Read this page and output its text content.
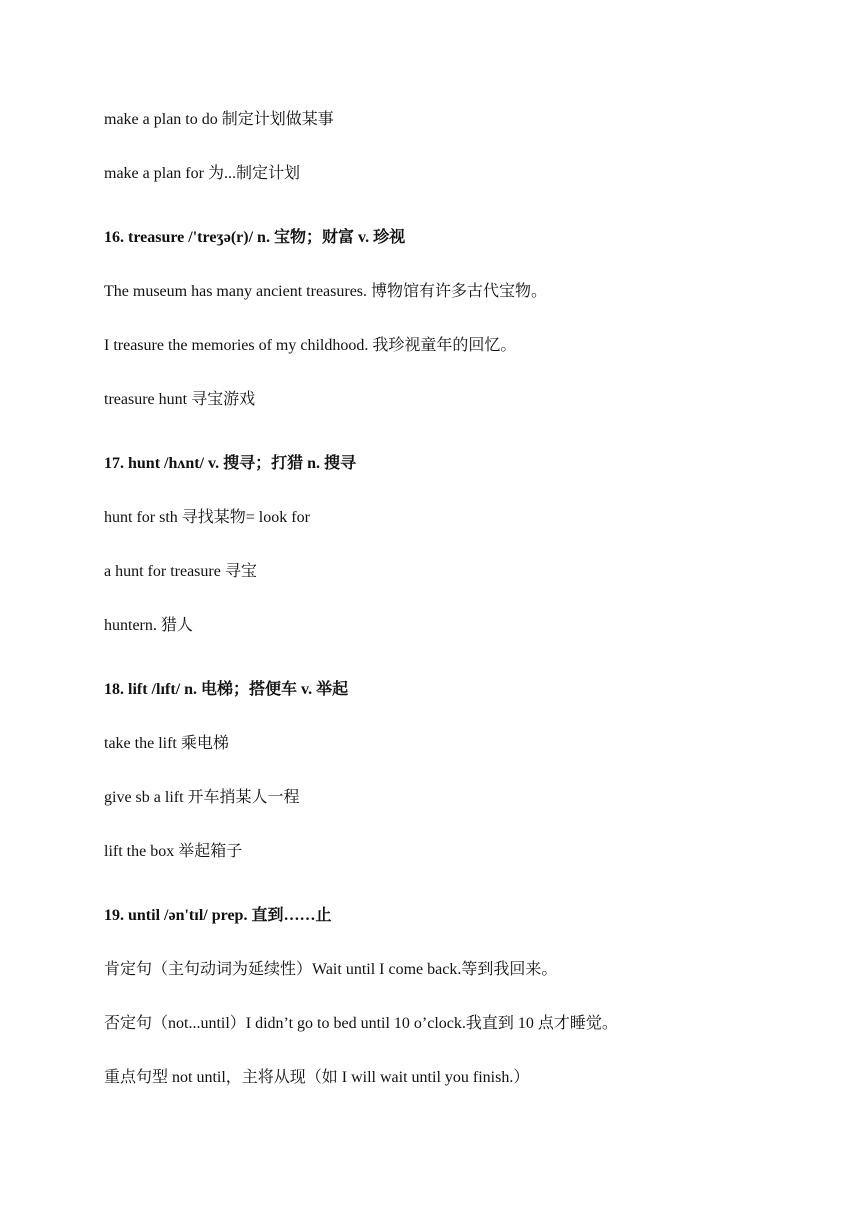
make a plan to do 制定计划做某事
make a plan for 为...制定计划
16. treasure /'treʒə(r)/ n. 宝物；财富 v. 珍视
The museum has many ancient treasures. 博物馆有许多古代宝物。
I treasure the memories of my childhood. 我珍视童年的回忆。
treasure hunt 寻宝游戏
17. hunt /hʌnt/ v. 搜寻；打猎 n. 搜寻
hunt for sth 寻找某物= look for
a hunt for treasure 寻宝
huntern. 猎人
18. lift /lɪft/ n. 电梯；搭便车 v. 举起
take the lift 乘电梯
give sb a lift 开车捎某人一程
lift the box 举起箱子
19. until /ən'tɪl/ prep. 直到……止
肯定句（主句动词为延续性）Wait until I come back.等到我回来。
否定句（not...until）I didn’t go to bed until 10 o’clock.我直到 10 点才睡觉。
重点句型 not until，主将从现（如 I will wait until you finish.）
